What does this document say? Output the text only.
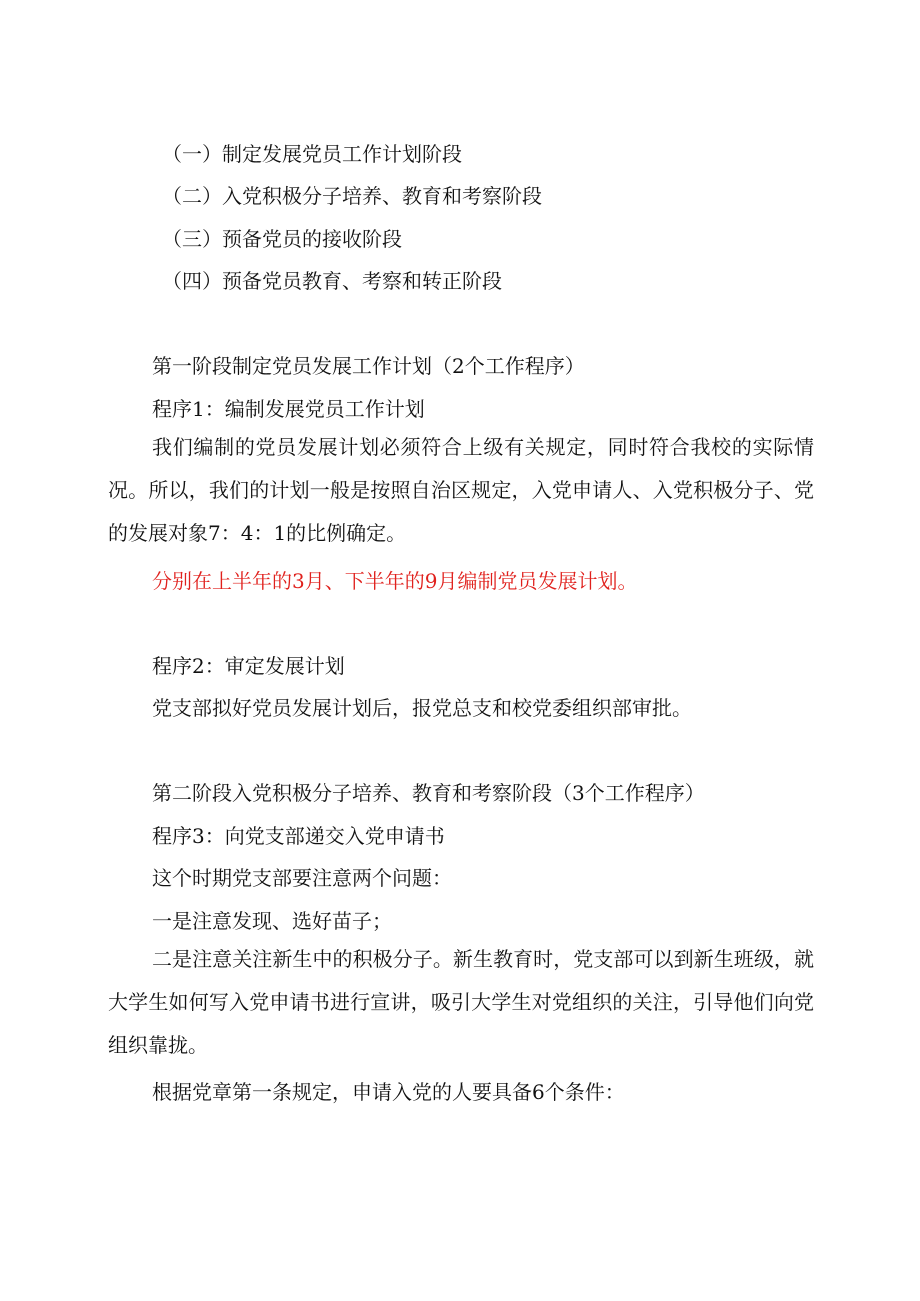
（一）制定发展党员工作计划阶段

（二）入党积极分子培养、教育和考察阶段

（三）预备党员的接收阶段

（四）预备党员教育、考察和转正阶段

第一阶段制定党员发展工作计划（2个工作程序）

程序1：编制发展党员工作计划

我们编制的党员发展计划必须符合上级有关规定，同时符合我校的实际情况。所以，我们的计划一般是按照自治区规定，入党申请人、入党积极分子、党的发展对象7：4：1的比例确定。

分别在上半年的3月、下半年的9月编制党员发展计划。

程序2：审定发展计划

党支部拟好党员发展计划后，报党总支和校党委组织部审批。

第二阶段入党积极分子培养、教育和考察阶段（3个工作程序）

程序3：向党支部递交入党申请书

这个时期党支部要注意两个问题：

一是注意发现、选好苗子；

二是注意关注新生中的积极分子。新生教育时，党支部可以到新生班级，就大学生如何写入党申请书进行宣讲，吸引大学生对党组织的关注，引导他们向党组织靠拢。

根据党章第一条规定，申请入党的人要具备6个条件：
